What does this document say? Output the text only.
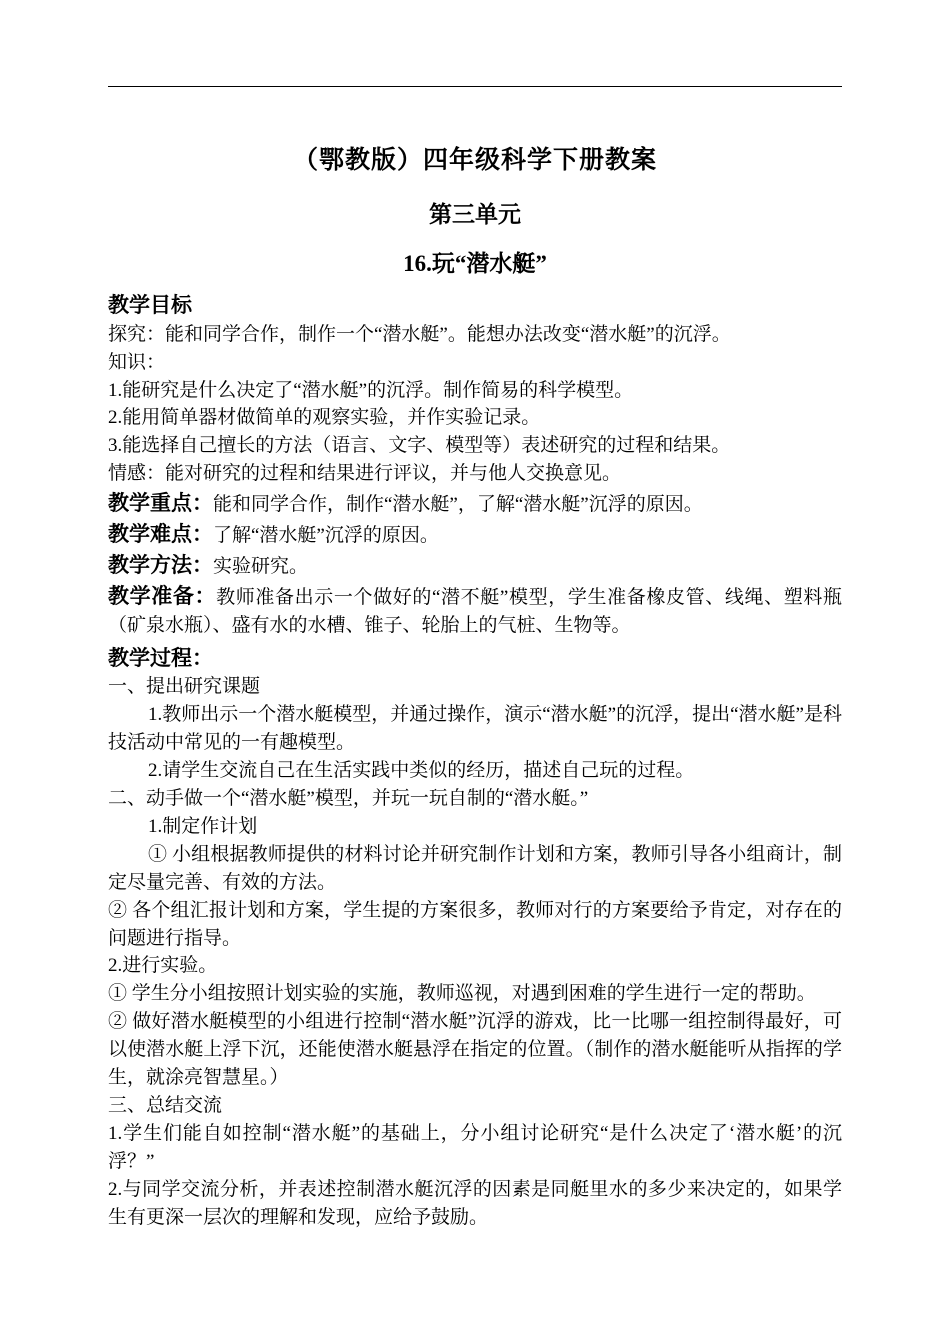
（鄂教版）四年级科学下册教案
第三单元
16.玩“潜水艇”
教学目标

探究：能和同学合作，制作一个“潜水艇”。能想办法改变“潜水艇”的沉浮。

知识：

1.能研究是什么决定了“潜水艇”的沉浮。制作简易的科学模型。

2.能用简单器材做简单的观察实验，并作实验记录。

3.能选择自己擅长的方法（语言、文字、模型等）表述研究的过程和结果。

情感：能对研究的过程和结果进行评议，并与他人交换意见。

教学重点：能和同学合作，制作“潜水艇”，了解“潜水艇”沉浮的原因。

教学难点：了解“潜水艇”沉浮的原因。

教学方法：实验研究。

教学准备：教师准备出示一个做好的“潜不艇”模型，学生准备橡皮管、线绳、塑料瓶（矿泉水瓶）、盛有水的水槽、锥子、轮胎上的气桩、生物等。

教学过程：

一、提出研究课题

1.教师出示一个潜水艇模型，并通过操作，演示“潜水艇”的沉浮，提出“潜水艇”是科技活动中常见的一有趣模型。

2.请学生交流自己在生活实践中类似的经历，描述自己玩的过程。

二、动手做一个“潜水艇”模型，并玩一玩自制的“潜水艇。”

1.制定作计划

① 小组根据教师提供的材料讨论并研究制作计划和方案，教师引导各小组商计，制定尽量完善、有效的方法。

② 各个组汇报计划和方案，学生提的方案很多，教师对行的方案要给予肯定，对存在的问题进行指导。

2.进行实验。

① 学生分小组按照计划实验的实施，教师巡视，对遇到困难的学生进行一定的帮助。

② 做好潜水艇模型的小组进行控制“潜水艇”沉浮的游戏，比一比哪一组控制得最好，可以使潜水艇上浮下沉，还能使潜水艇悬浮在指定的位置。（制作的潜水艇能听从指挥的学生，就涂亮智慧星。）

三、总结交流

1.学生们能自如控制“潜水艇”的基础上，分小组讨论研究“是什么决定了‘潜水艇’的沉浮？”

2.与同学交流分析，并表述控制潜水艇沉浮的因素是同艇里水的多少来决定的，如果学生有更深一层次的理解和发现，应给予鼓励。
